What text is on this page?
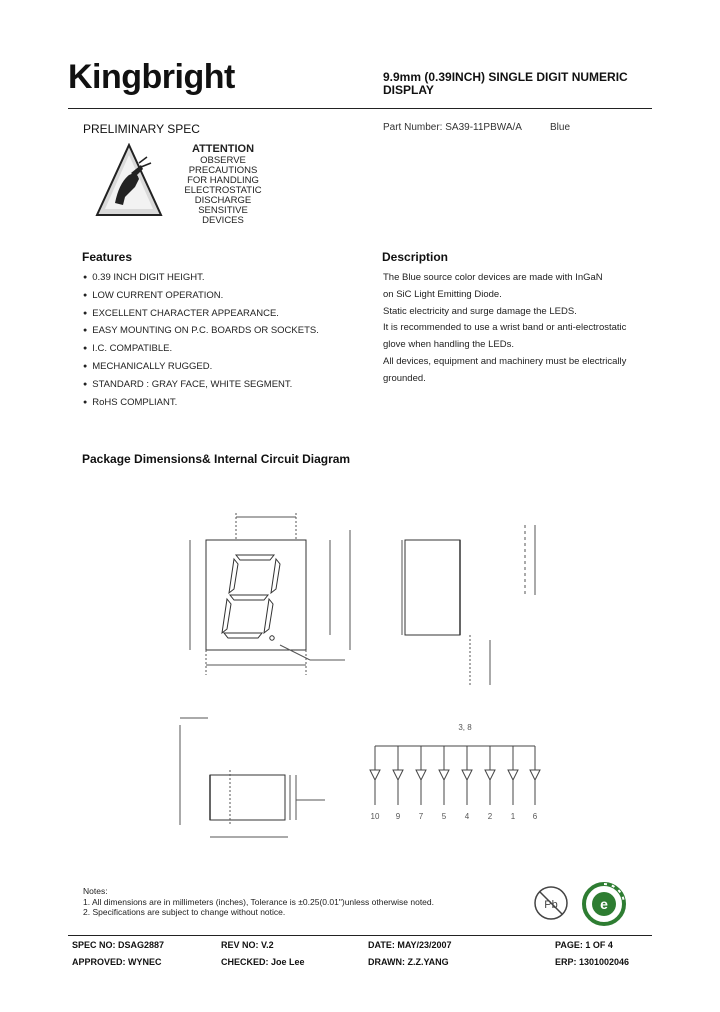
Kingbright	9.9mm (0.39INCH) SINGLE DIGIT NUMERIC
DISPLAY
PRELIMINARY SPEC	Part Number: SA39-11PBWA/A	Blue
ATTENTION
OBSERVE PRECAUTIONS
FOR HANDLING
ELECTROSTATIC
DISCHARGE
SENSITIVE
DEVICES
Features
● 0.39 INCH DIGIT HEIGHT.
● LOW CURRENT OPERATION.
● EXCELLENT CHARACTER APPEARANCE.
● EASY MOUNTING ON P.C. BOARDS OR SOCKETS.
● I.C. COMPATIBLE.
● MECHANICALLY RUGGED.
● STANDARD : GRAY FACE, WHITE SEGMENT.
● RoHS COMPLIANT.
Description
The Blue source color devices are made with InGaN
on SiC Light Emitting Diode.
Static electricity and surge damage the LEDS.
It is recommended to use a wrist band or anti-electrostatic
glove when handling the LEDs.
All devices, equipment and machinery must be electrically
grounded.
Package Dimensions& Internal Circuit Diagram
3, 8
10 9 7 5 4 2 1 6
Notes:
1. All dimensions are in millimeters (inches), Tolerance is ±0.25(0.01")unless otherwise noted.
2. Specifications are subject to change without notice.
Pb	e
SPEC NO: DSAG2887	REV NO: V.2	DATE: MAY/23/2007	PAGE: 1 OF 4
APPROVED: WYNEC	CHECKED: Joe Lee	DRAWN: Z.Z.YANG	ERP: 1301002046
